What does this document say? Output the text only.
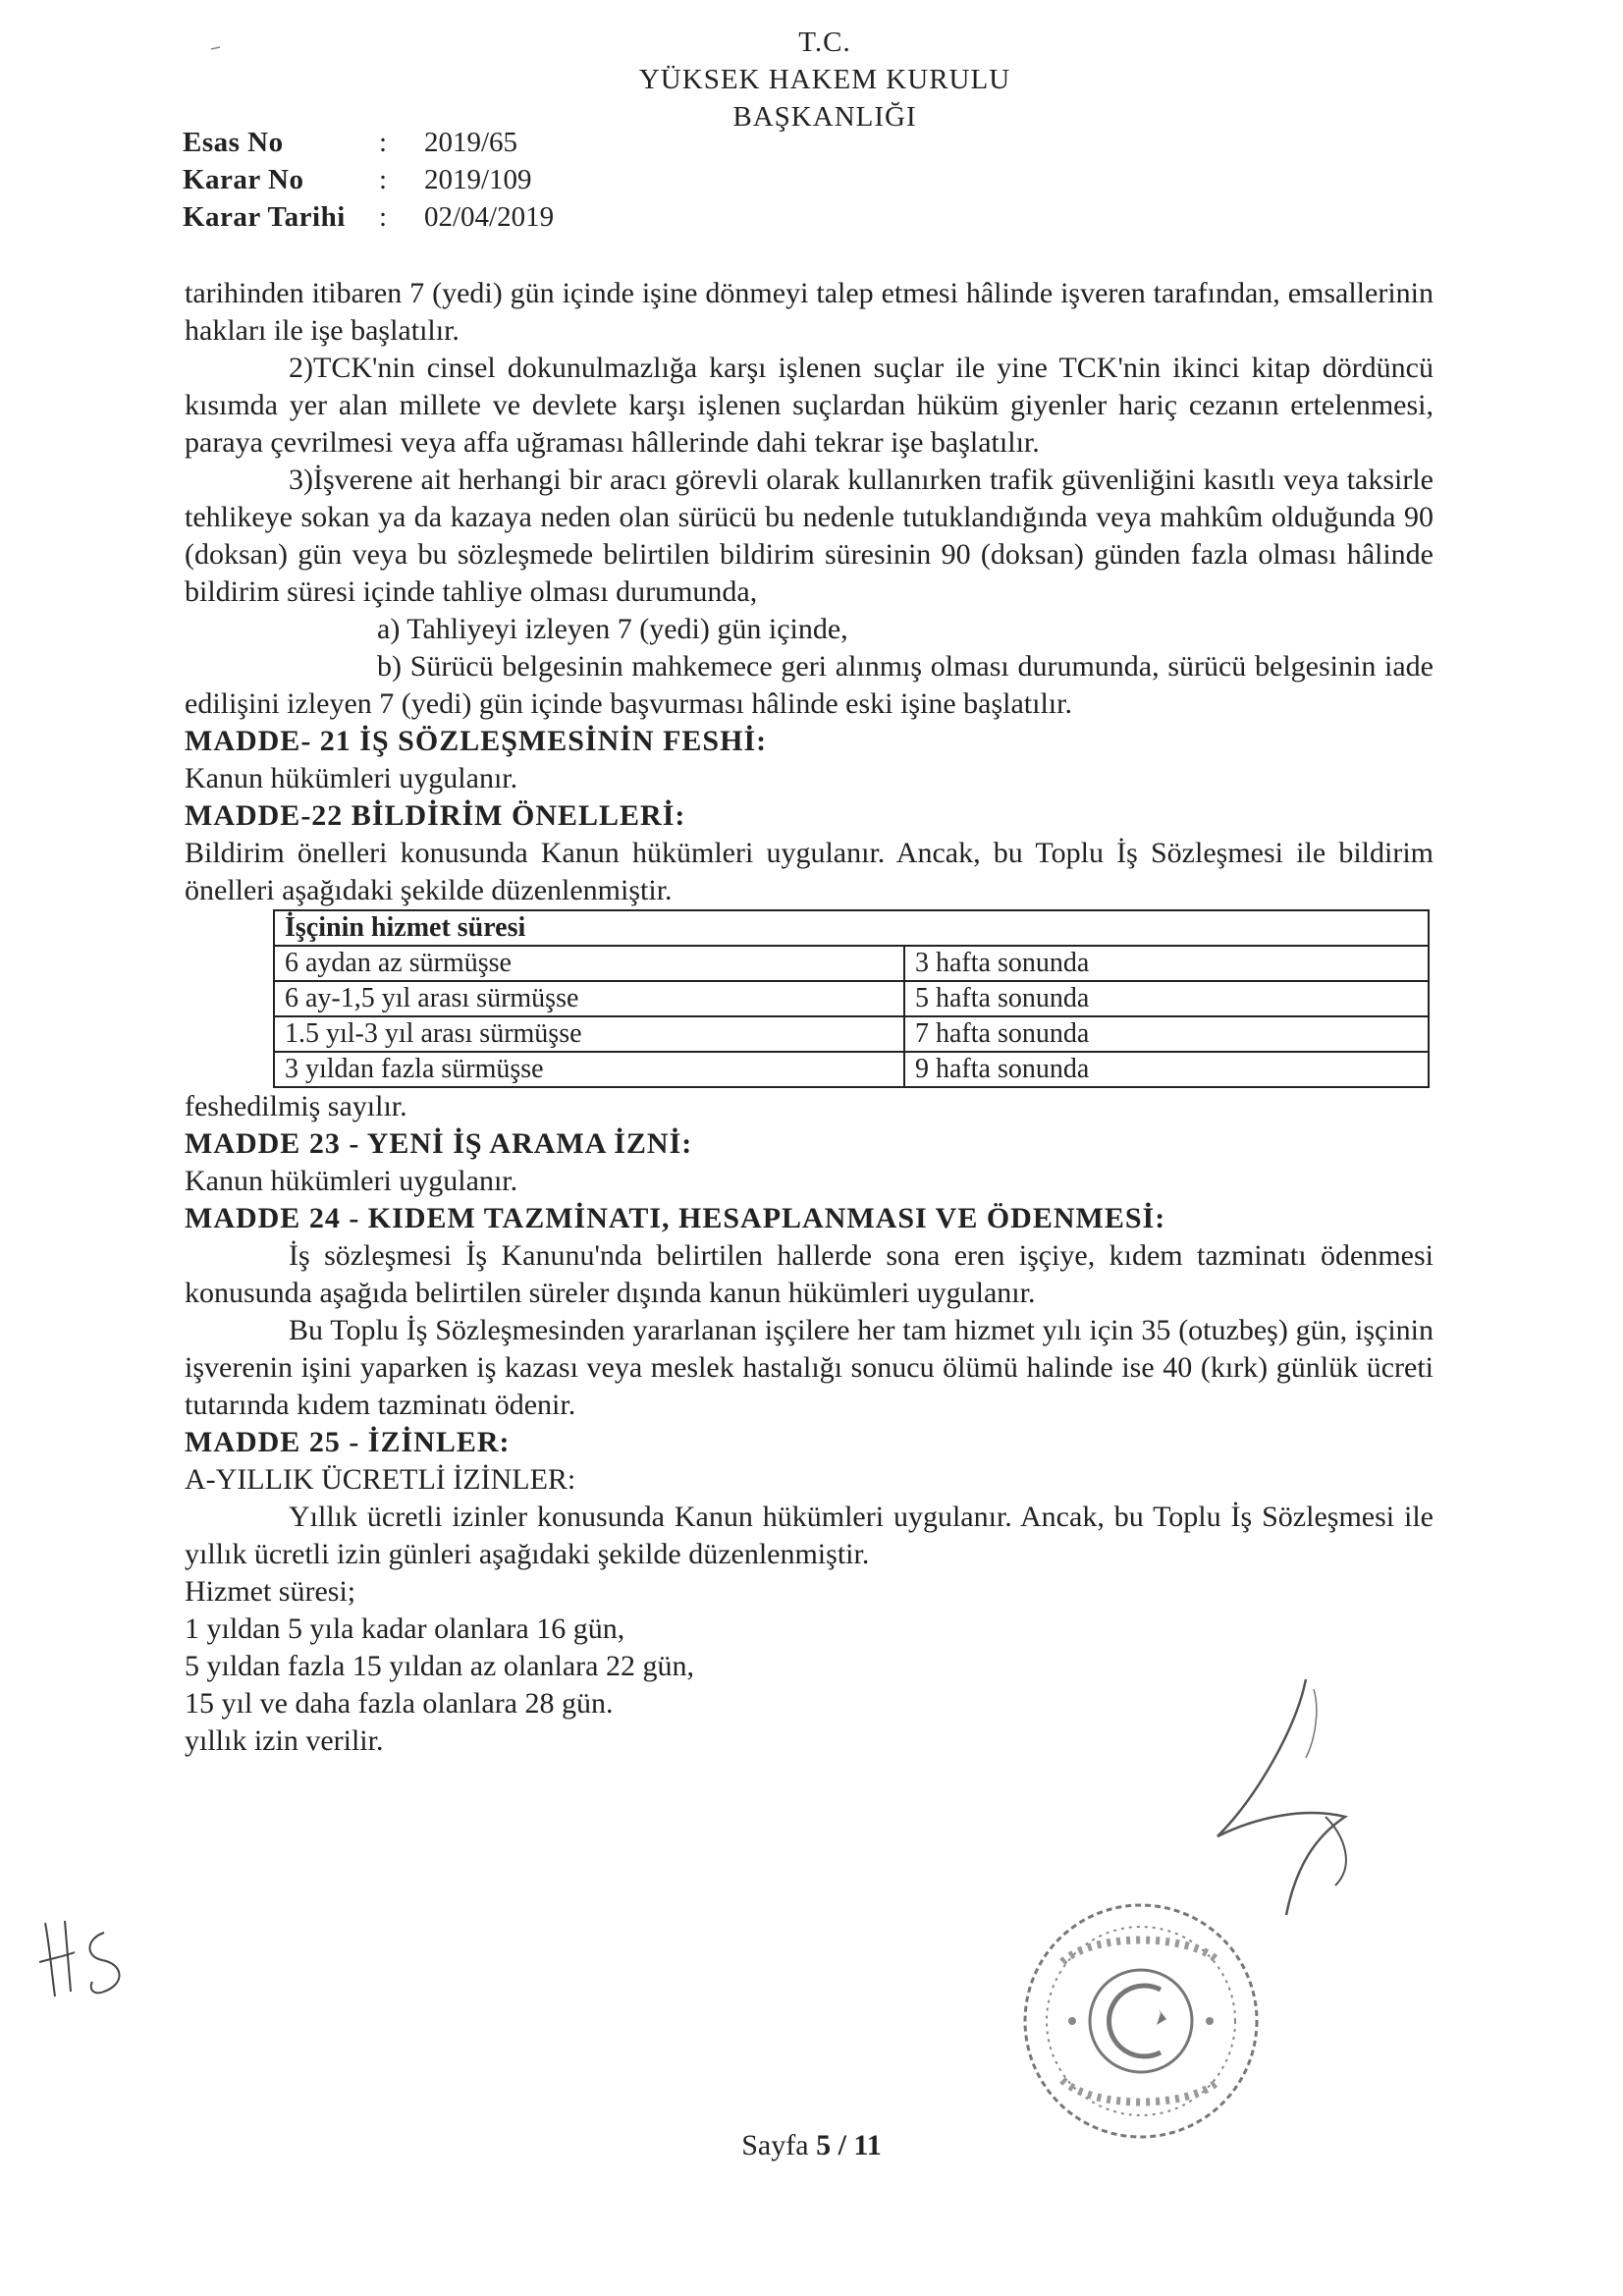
T.C.
YÜKSEK HAKEM KURULU
BAŞKANLIĞI
Esas No	: 2019/65
Karar No	: 2019/109
Karar Tarihi : 02/04/2019

tarihinden itibaren 7 (yedi) gün içinde işine dönmeyi talep etmesi hâlinde işveren tarafından, emsallerinin hakları ile işe başlatılır.

2)TCK'nin cinsel dokunulmazlığa karşı işlenen suçlar ile yine TCK'nin ikinci kitap dördüncü kısımda yer alan millete ve devlete karşı işlenen suçlardan hüküm giyenler hariç cezanın ertelenmesi, paraya çevrilmesi veya affa uğraması hâllerinde dahi tekrar işe başlatılır.

3)İşverene ait herhangi bir aracı görevli olarak kullanırken trafik güvenliğini kasıtlı veya taksirle tehlikeye sokan ya da kazaya neden olan sürücü bu nedenle tutuklandığında veya mahkûm olduğunda 90 (doksan) gün veya bu sözleşmede belirtilen bildirim süresinin 90 (doksan) günden fazla olması hâlinde bildirim süresi içinde tahliye olması durumunda,

a) Tahliyeyi izleyen 7 (yedi) gün içinde,

b) Sürücü belgesinin mahkemece geri alınmış olması durumunda, sürücü belgesinin iade edilişini izleyen 7 (yedi) gün içinde başvurması hâlinde eski işine başlatılır.

MADDE- 21 İŞ SÖZLEŞMESİNİN FESHİ:

Kanun hükümleri uygulanır.

MADDE-22 BİLDİRİM ÖNELLERİ:

Bildirim önelleri konusunda Kanun hükümleri uygulanır. Ancak, bu Toplu İş Sözleşmesi ile bildirim önelleri aşağıdaki şekilde düzenlenmiştir.

İşçinin hizmet süresi	
6 aydan az sürmüşse	3 hafta sonunda
6 ay-1,5 yıl arası sürmüşse	5 hafta sonunda
1.5 yıl-3 yıl arası sürmüşse	7 hafta sonunda
3 yıldan fazla sürmüşse	9 hafta sonunda

feshedilmiş sayılır.

MADDE 23 - YENİ İŞ ARAMA İZNİ:

Kanun hükümleri uygulanır.

MADDE 24 - KIDEM TAZMİNATI, HESAPLANMASI VE ÖDENMESİ:

İş sözleşmesi İş Kanunu'nda belirtilen hallerde sona eren işçiye, kıdem tazminatı ödenmesi konusunda aşağıda belirtilen süreler dışında kanun hükümleri uygulanır.

Bu Toplu İş Sözleşmesinden yararlanan işçilere her tam hizmet yılı için 35 (otuzbeş) gün, işçinin işverenin işini yaparken iş kazası veya meslek hastalığı sonucu ölümü halinde ise 40 (kırk) günlük ücreti tutarında kıdem tazminatı ödenir.

MADDE 25 - İZİNLER:

A-YILLIK ÜCRETLİ İZİNLER:

Yıllık ücretli izinler konusunda Kanun hükümleri uygulanır. Ancak, bu Toplu İş Sözleşmesi ile yıllık ücretli izin günleri aşağıdaki şekilde düzenlenmiştir.

Hizmet süresi;

1 yıldan 5 yıla kadar olanlara 16 gün,

5 yıldan fazla 15 yıldan az olanlara 22 gün,

15 yıl ve daha fazla olanlara 28 gün.

yıllık izin verilir.

Sayfa 5 / 11
